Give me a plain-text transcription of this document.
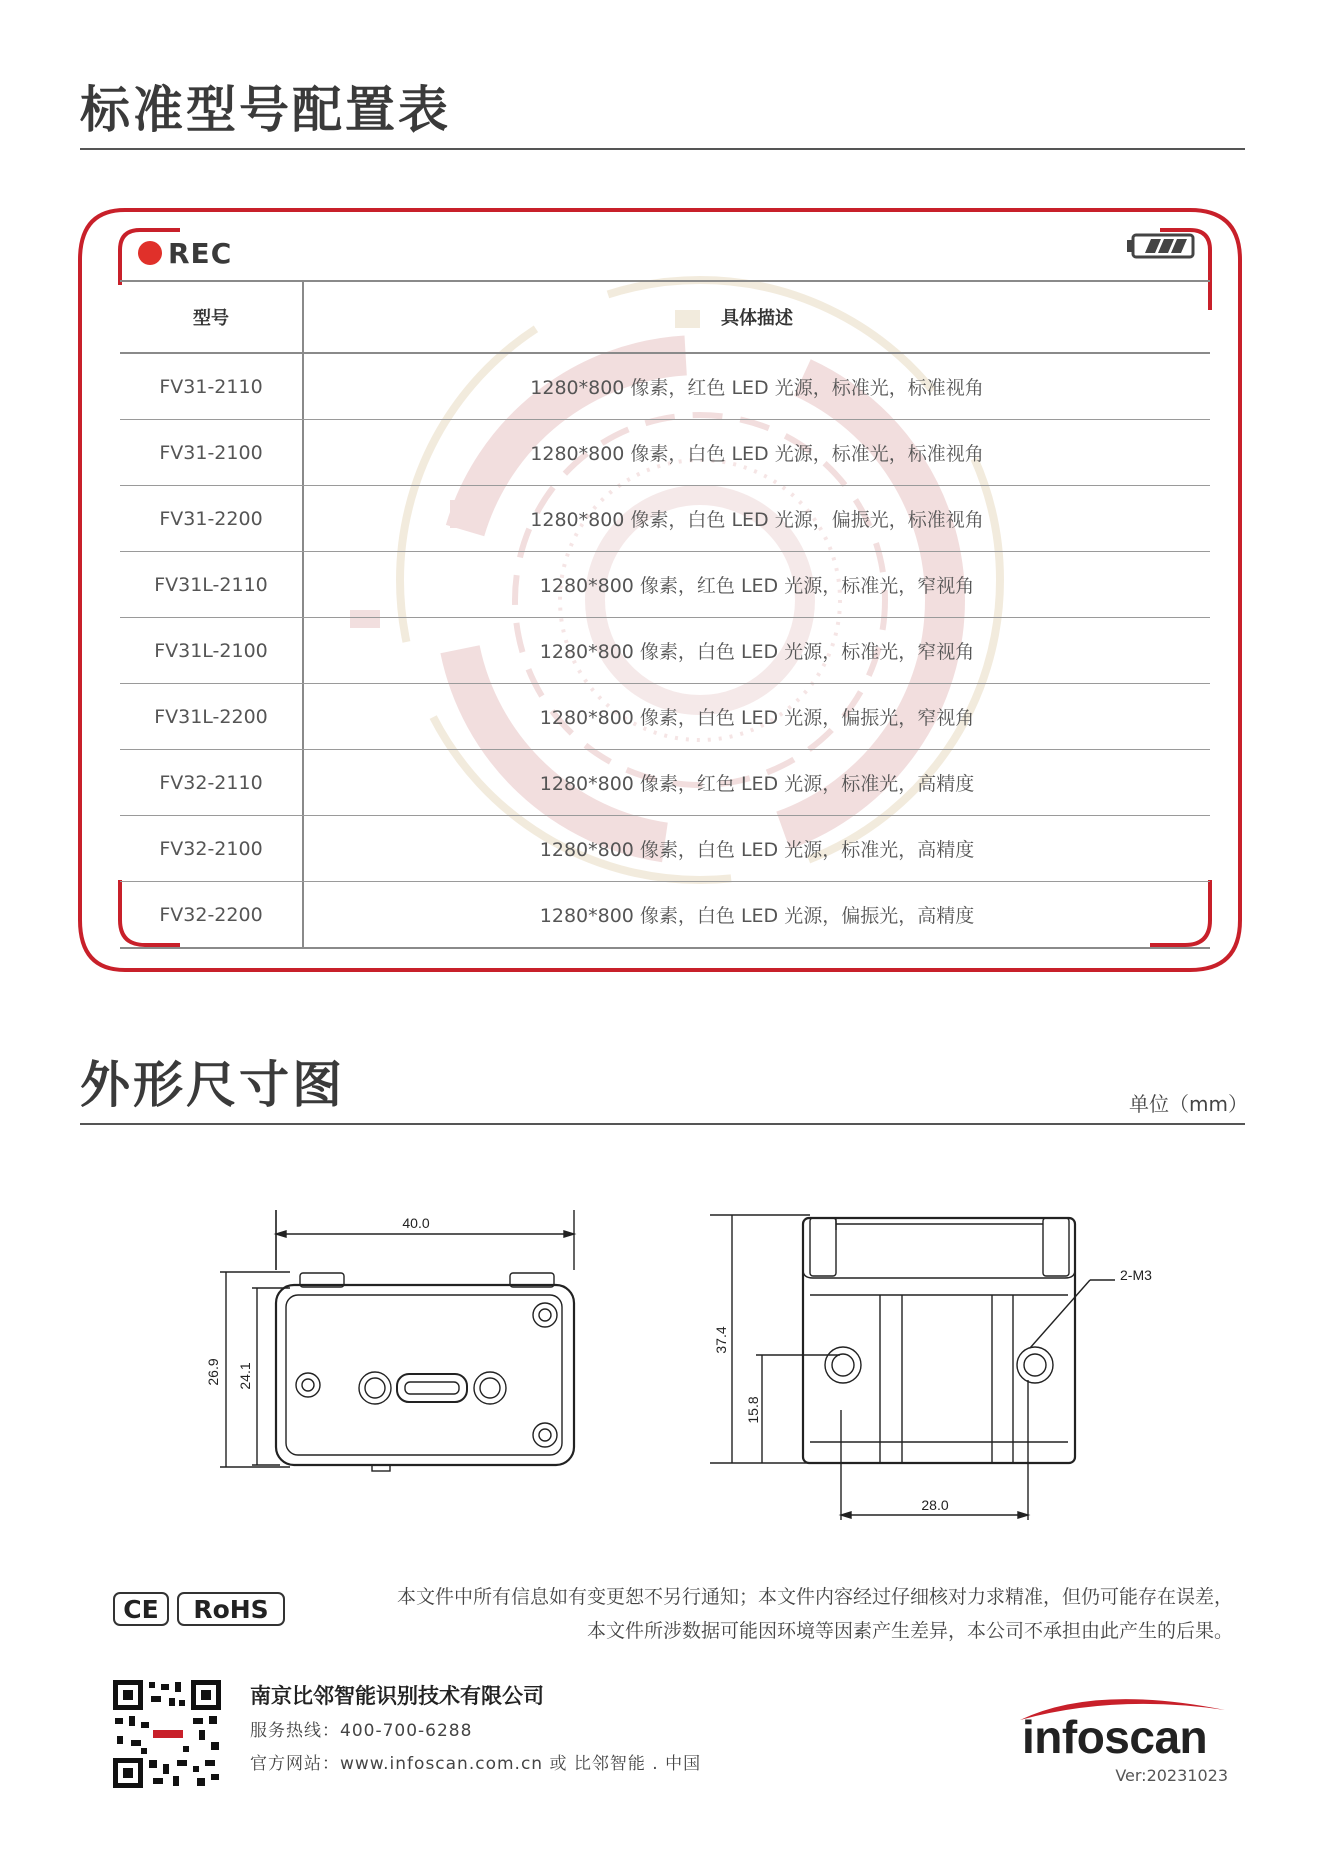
标准型号配置表
REC
型号	具体描述
FV31-2110	1280*800 像素，红色 LED 光源，标准光，标准视角
FV31-2100	1280*800 像素，白色 LED 光源，标准光，标准视角
FV31-2200	1280*800 像素，白色 LED 光源，偏振光，标准视角
FV31L-2110	1280*800 像素，红色 LED 光源，标准光，窄视角
FV31L-2100	1280*800 像素，白色 LED 光源，标准光，窄视角
FV31L-2200	1280*800 像素，白色 LED 光源，偏振光，窄视角
FV32-2110	1280*800 像素，红色 LED 光源，标准光，高精度
FV32-2100	1280*800 像素，白色 LED 光源，标准光，高精度
FV32-2200	1280*800 像素，白色 LED 光源，偏振光，高精度
外形尺寸图	单位（mm）
40.0
26.9 24.1
37.4
15.8
28.0
2-M3
CE	RoHS	本文件中所有信息如有变更恕不另行通知；本文件内容经过仔细核对力求精准，但仍可能存在误差，
本文件所涉数据可能因环境等因素产生差异，本公司不承担由此产生的后果。
南京比邻智能识别技术有限公司
服务热线：400-700-6288
官方网站：www.infoscan.com.cn 或 比邻智能 . 中国
infoscan
Ver:20231023
